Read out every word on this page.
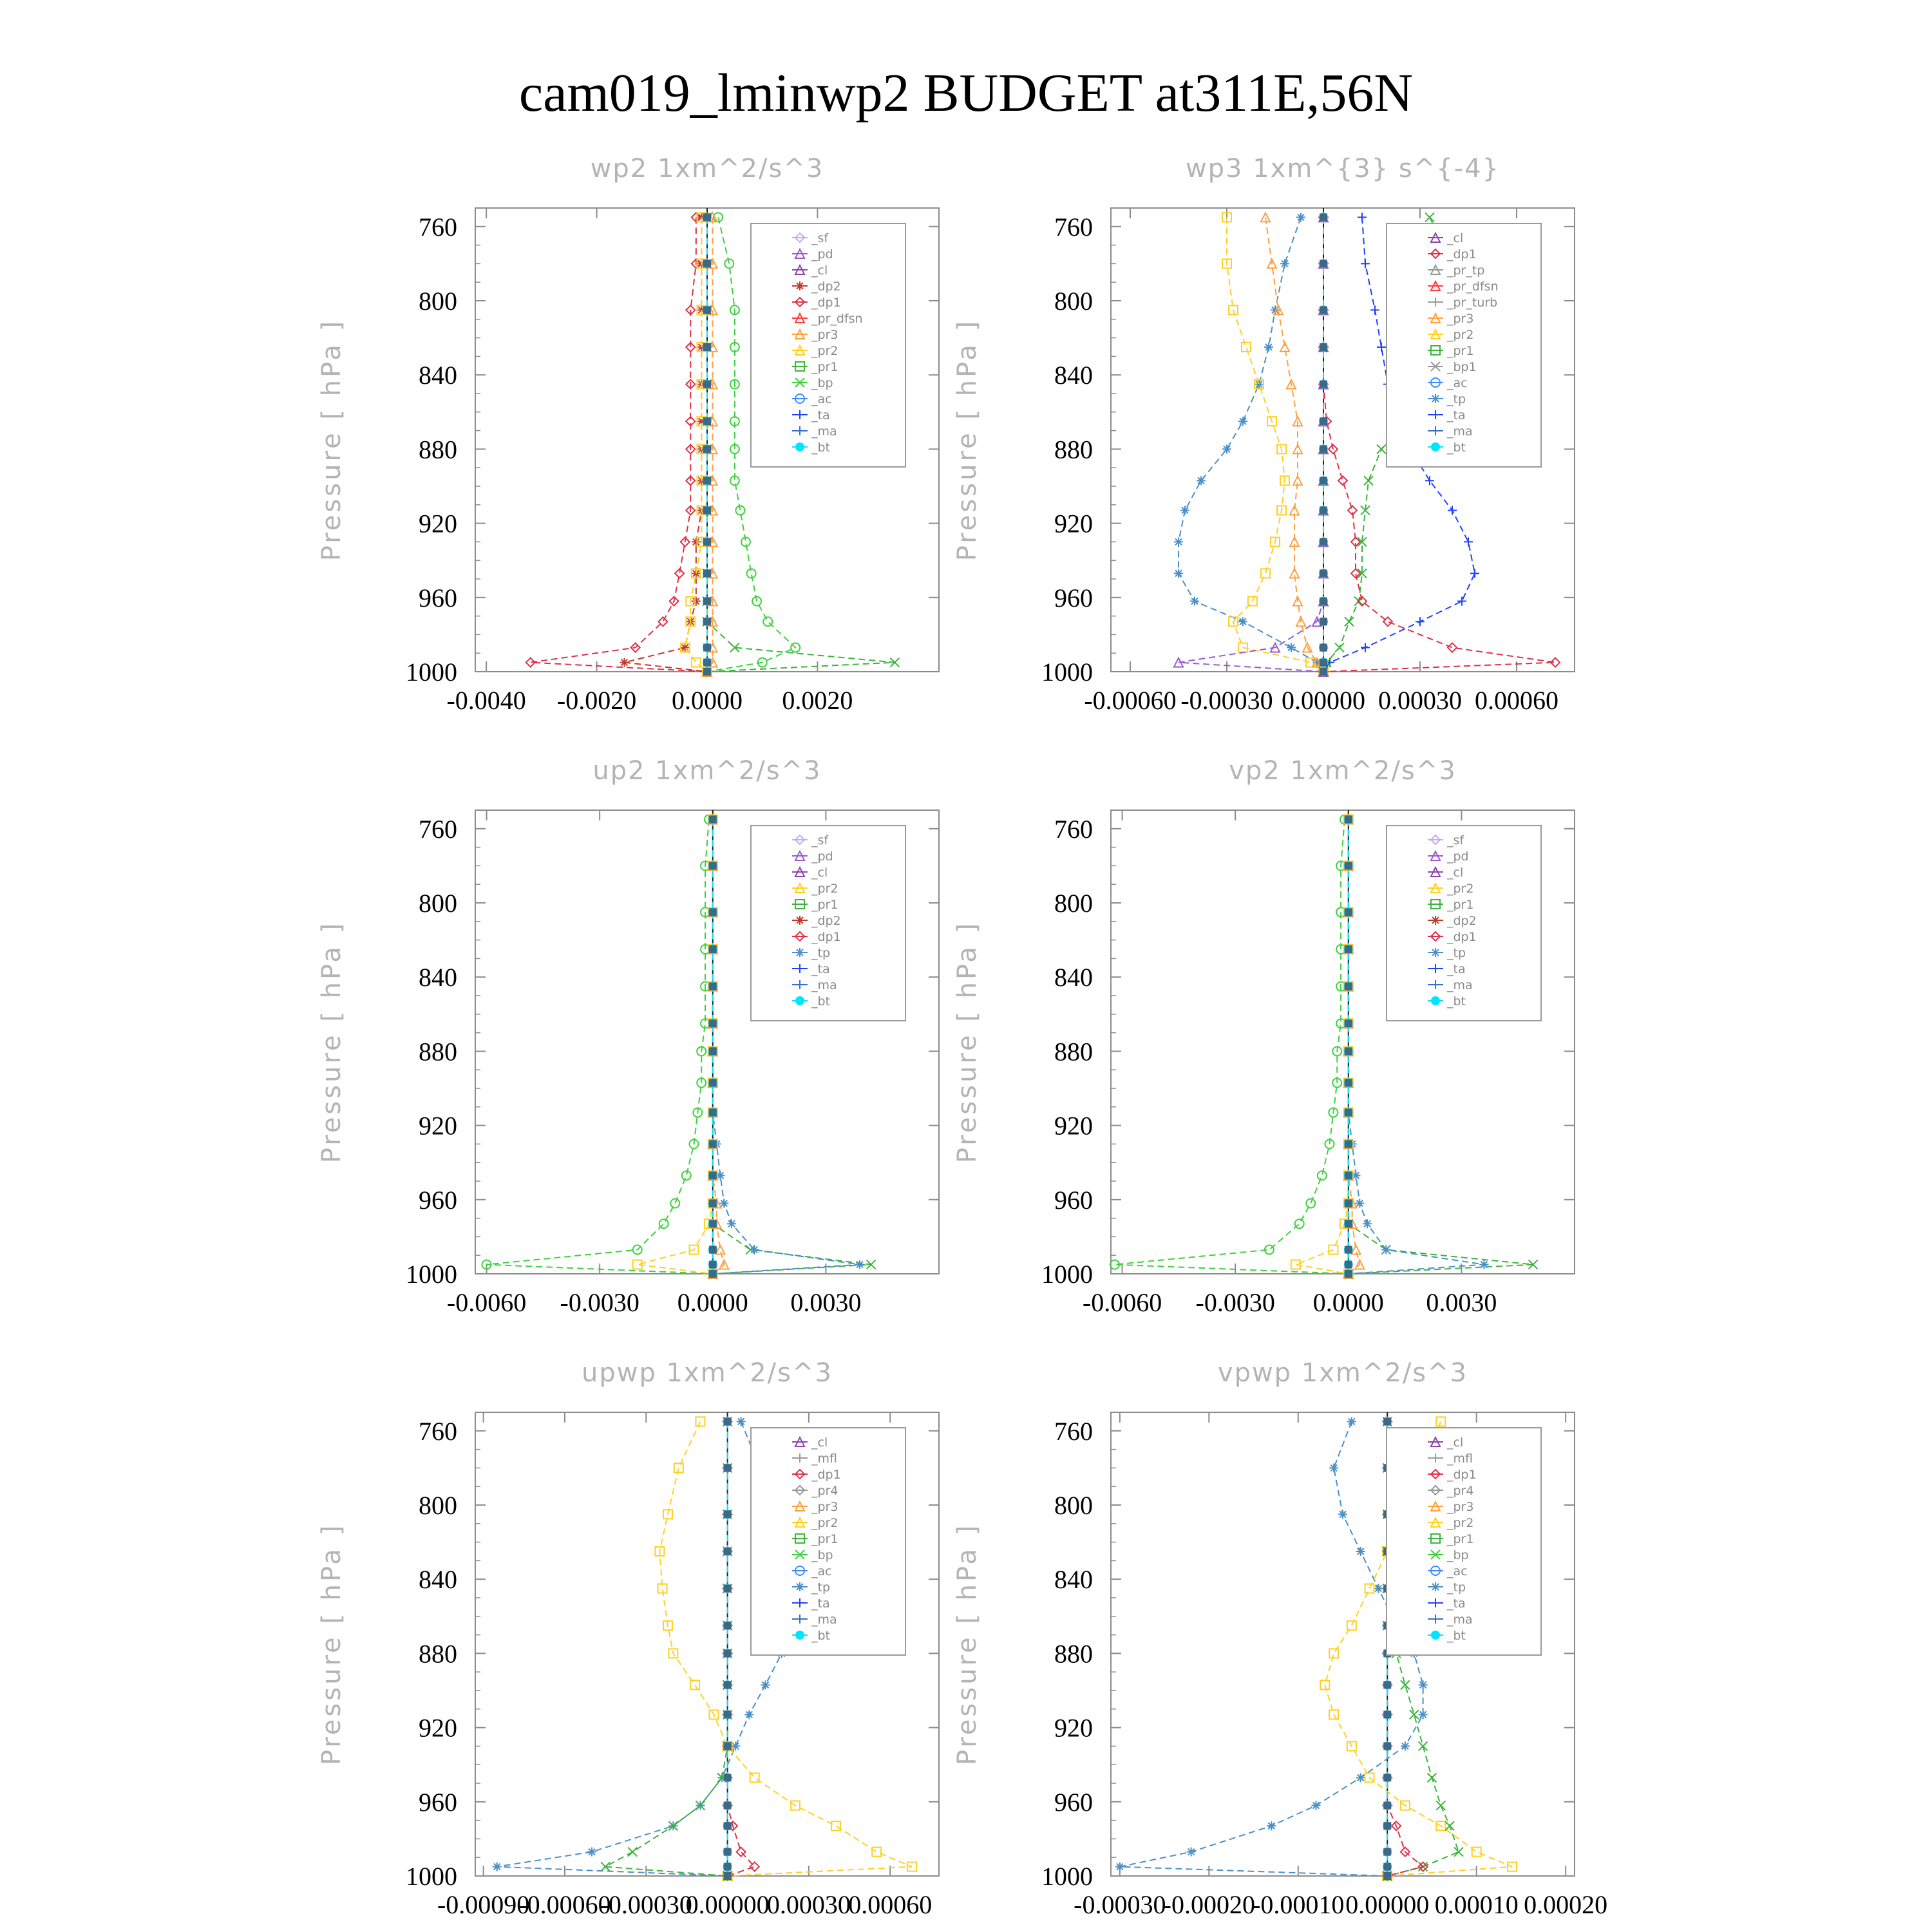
cam019_lminwp2 BUDGET at311E,56N
wp2 1xm^2/s^3
Pressure [ hPa ]
760
800
840
880
920
960
1000
-0.0040 -0.0020 0.0000 0.0020
_sf
_pd
_cl
_dp2
_dp1
_pr_dfsn
_pr3
_pr2
_pr1
_bp
_ac
_ta
_ma
_bt
wp3 1xm^{3} s^{-4}
Pressure [ hPa ]
760
800
840
880
920
960
1000
-0.00060 -0.00030 0.00000 0.00030 0.00060
_cl
_dp1
_pr_tp
_pr_dfsn
_pr_turb
_pr3
_pr2
_pr1
_bp1
_ac
_tp
_ta
_ma
_bt
up2 1xm^2/s^3
Pressure [ hPa ]
760
800
840
880
920
960
1000
-0.0060 -0.0030 0.0000 0.0030
_sf
_pd
_cl
_pr2
_pr1
_dp2
_dp1
_tp
_ta
_ma
_bt
vp2 1xm^2/s^3
Pressure [ hPa ]
760
800
840
880
920
960
1000
-0.0060 -0.0030 0.0000 0.0030
_sf
_pd
_cl
_pr2
_pr1
_dp2
_dp1
_tp
_ta
_ma
_bt
upwp 1xm^2/s^3
Pressure [ hPa ]
760
800
840
880
920
960
1000
-0.00090
-0.00060
-0.00030
0.00000
0.00030
0.00060
_cl
_mfl
_dp1
_pr4
_pr3
_pr2
_pr1
_bp
_ac
_tp
_ta
_ma
_bt
vpwp 1xm^2/s^3
Pressure [ hPa ]
760
800
840
880
920
960
1000
-0.00030
-0.00020
-0.00010 0.00000 0.00010 0.00020
_cl
_mfl
_dp1
_pr4
_pr3
_pr2
_pr1
_bp
_ac
_tp
_ta
_ma
_bt
